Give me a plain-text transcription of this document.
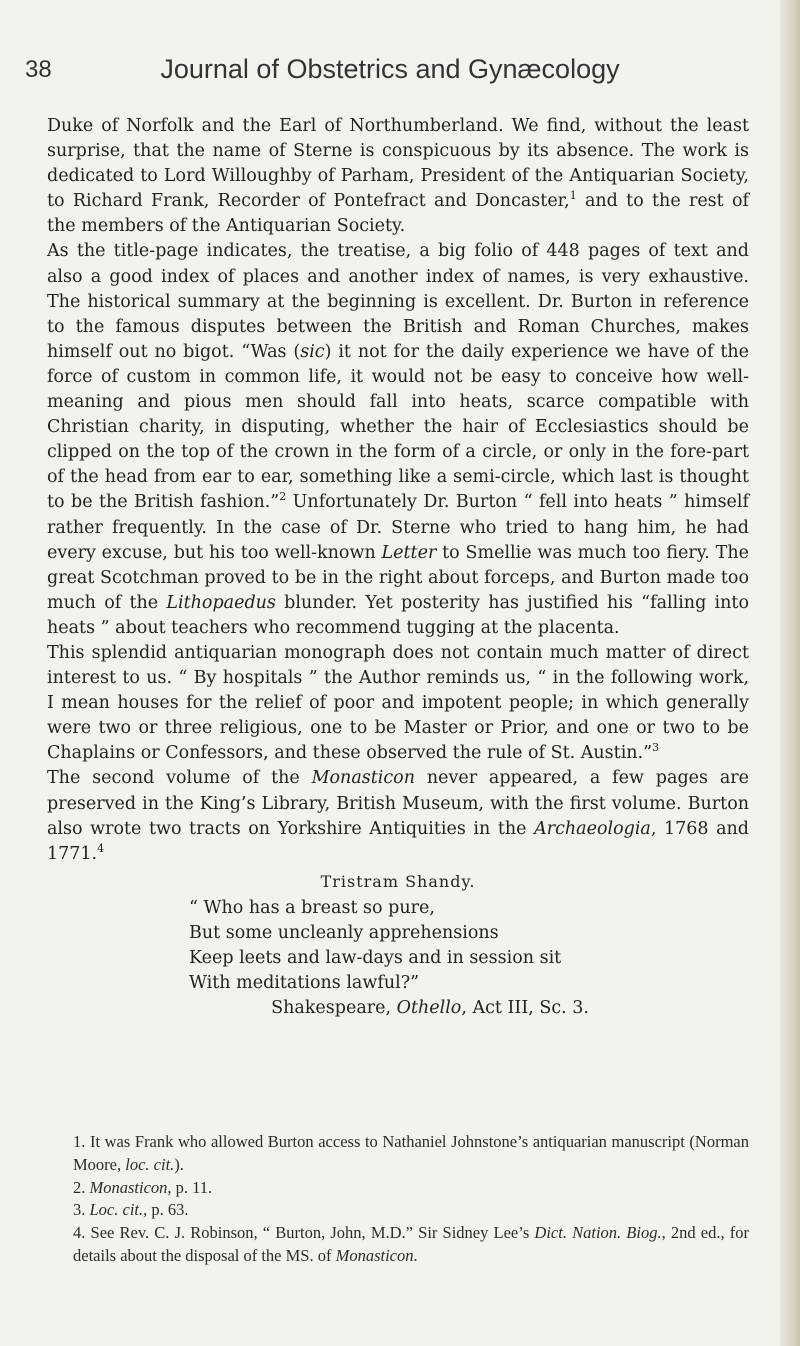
38	Journal of Obstetrics and Gynæcology

Duke of Norfolk and the Earl of Northumberland. We find, without the least surprise, that the name of Sterne is conspicuous by its absence. The work is dedicated to Lord Willoughby of Parham, President of the Antiquarian Society, to Richard Frank, Recorder of Pontefract and Doncaster,$^1$ and to the rest of the members of the Antiquarian Society.

As the title-page indicates, the treatise, a big folio of 448 pages of text and also a good index of places and another index of names, is very exhaustive. The historical summary at the beginning is excellent. Dr. Burton in reference to the famous disputes between the British and Roman Churches, makes himself out no bigot. “Was (sic) it not for the daily experience we have of the force of custom in common life, it would not be easy to conceive how well-meaning and pious men should fall into heats, scarce compatible with Christian charity, in disputing, whether the hair of Ecclesiastics should be clipped on the top of the crown in the form of a circle, or only in the fore-part of the head from ear to ear, something like a semi-circle, which last is thought to be the British fashion.”$^2$ Unfortunately Dr. Burton “ fell into heats ” himself rather frequently. In the case of Dr. Sterne who tried to hang him, he had every excuse, but his too well-known Letter to Smellie was much too fiery. The great Scotchman proved to be in the right about forceps, and Burton made too much of the Lithopaedus blunder. Yet posterity has justified his “falling into heats ” about teachers who recommend tugging at the placenta.

This splendid antiquarian monograph does not contain much matter of direct interest to us. “ By hospitals ” the Author reminds us, “ in the following work, I mean houses for the relief of poor and impotent people; in which generally were two or three religious, one to be Master or Prior, and one or two to be Chaplains or Confessors, and these observed the rule of St. Austin.”$^3$

The second volume of the Monasticon never appeared, a few pages are preserved in the King’s Library, British Museum, with the first volume. Burton also wrote two tracts on Yorkshire Antiquities in the Archaeologia, 1768 and 1771.$^4$

Tristram Shandy.
“ Who has a breast so pure,
But some uncleanly apprehensions
Keep leets and law-days and in session sit
With meditations lawful?”
Shakespeare, Othello, Act III, Sc. 3.

1. It was Frank who allowed Burton access to Nathaniel Johnstone’s antiquarian manuscript (Norman Moore, loc. cit.).

2. Monasticon, p. 11.

3. Loc. cit., p. 63.

4. See Rev. C. J. Robinson, “ Burton, John, M.D.” Sir Sidney Lee’s Dict. Nation. Biog., 2nd ed., for details about the disposal of the MS. of Monasticon.
